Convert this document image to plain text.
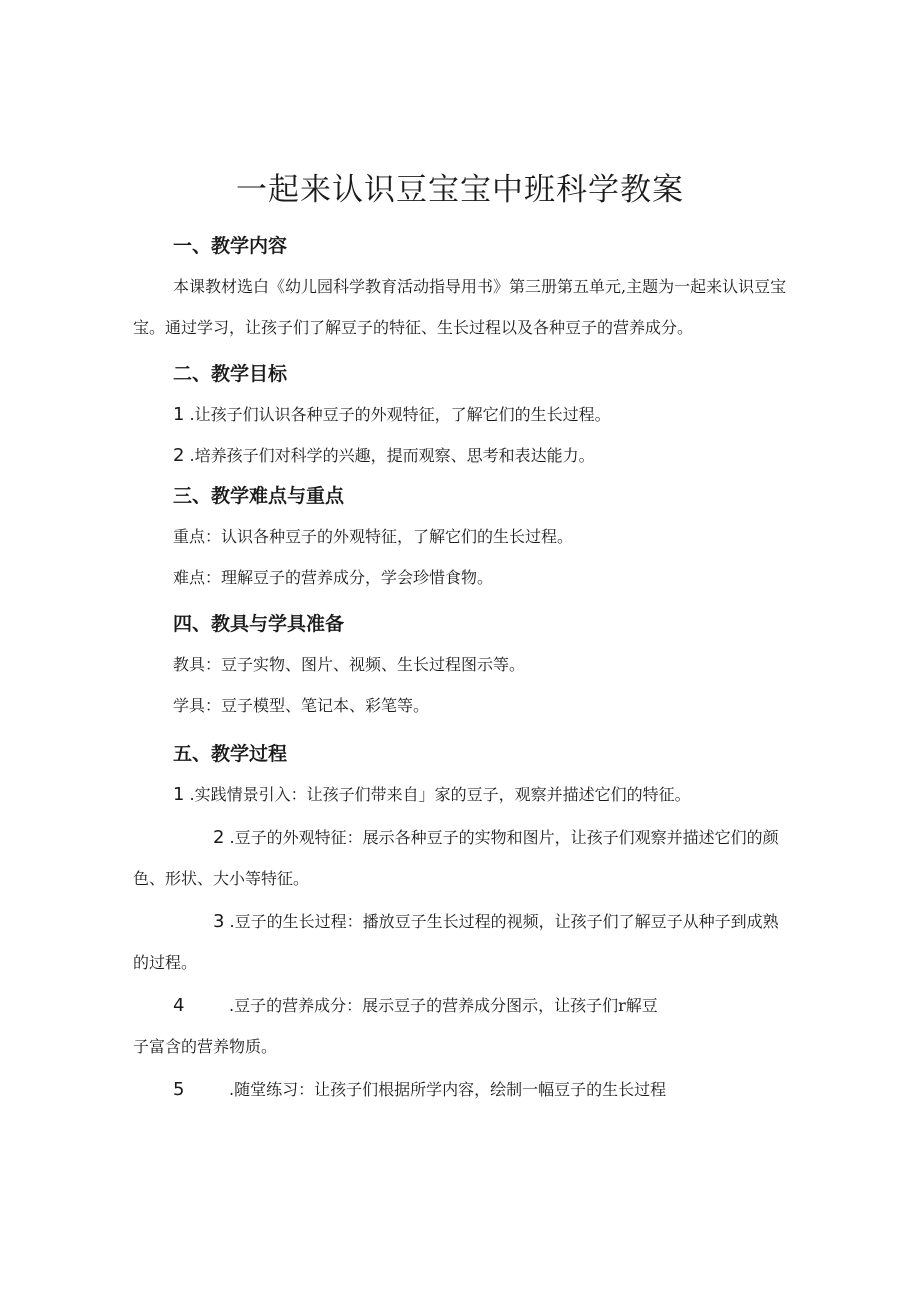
一起来认识豆宝宝中班科学教案
一、教学内容

本课教材选白《幼儿园科学教育活动指导用书》第三册第五单元,主题为一起来认识豆宝宝。通过学习，让孩子们了解豆子的特征、生长过程以及各种豆子的营养成分。

二、教学目标

1 .让孩子们认识各种豆子的外观特征，了解它们的生长过程。

2 .培养孩子们对科学的兴趣，提而观察、思考和表达能力。

三、教学难点与重点

重点：认识各种豆子的外观特征，了解它们的生长过程。

难点：理解豆子的营养成分，学会珍惜食物。

四、教具与学具准备

教具：豆子实物、图片、视频、生长过程图示等。

学具：豆子模型、笔记本、彩笔等。

五、教学过程

1 .实践情景引入：让孩子们带来自」家的豆子，观察并描述它们的特征。

2 .豆子的外观特征：展示各种豆子的实物和图片，让孩子们观察并描述它们的颜色、形状、大小等特征。

3 .豆子的生长过程：播放豆子生长过程的视频，让孩子们了解豆子从种子到成熟的过程。

4	.豆子的营养成分：展示豆子的营养成分图示，让孩子们r解豆

子富含的营养物质。

5	.随堂练习：让孩子们根据所学内容，绘制一幅豆子的生长过程
